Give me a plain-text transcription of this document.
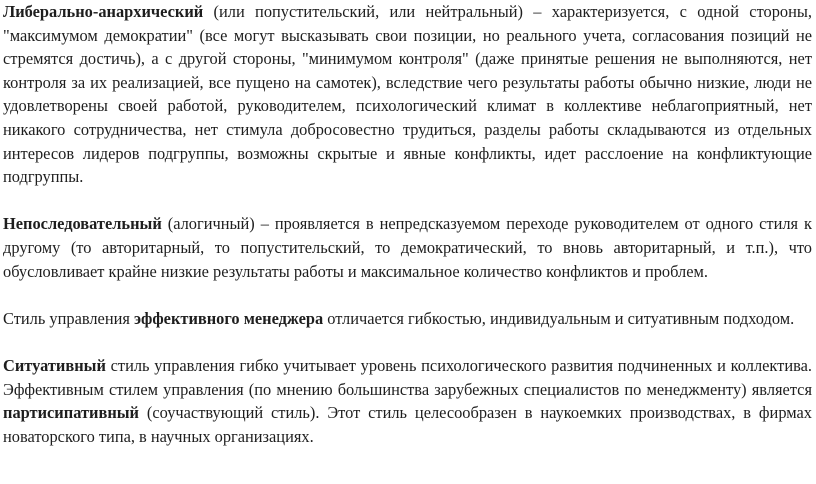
Либерально-анархический (или попустительский, или нейтральный) – характеризуется, с одной стороны, "максимумом демократии" (все могут высказывать свои позиции, но реального учета, согласования позиций не стремятся достичь), а с другой стороны, "минимумом контроля" (даже принятые решения не выполняются, нет контроля за их реализацией, все пущено на самотек), вследствие чего результаты работы обычно низкие, люди не удовлетворены своей работой, руководителем, психологический климат в коллективе неблагоприятный, нет никакого сотрудничества, нет стимула добросовестно трудиться, разделы работы складываются из отдельных интересов лидеров подгруппы, возможны скрытые и явные конфликты, идет расслоение на конфликтующие подгруппы.

Непоследовательный (алогичный) – проявляется в непредсказуемом переходе руководителем от одного стиля к другому (то авторитарный, то попустительский, то демократический, то вновь авторитарный, и т.п.), что обусловливает крайне низкие результаты работы и максимальное количество конфликтов и проблем.

Стиль управления эффективного менеджера отличается гибкостью, индивидуальным и ситуативным подходом.

Ситуативный стиль управления гибко учитывает уровень психологического развития подчиненных и коллектива. Эффективным стилем управления (по мнению большинства зарубежных специалистов по менеджменту) является партисипативный (соучаствующий стиль). Этот стиль целесообразен в наукоемких производствах, в фирмах новаторского типа, в научных организациях.
